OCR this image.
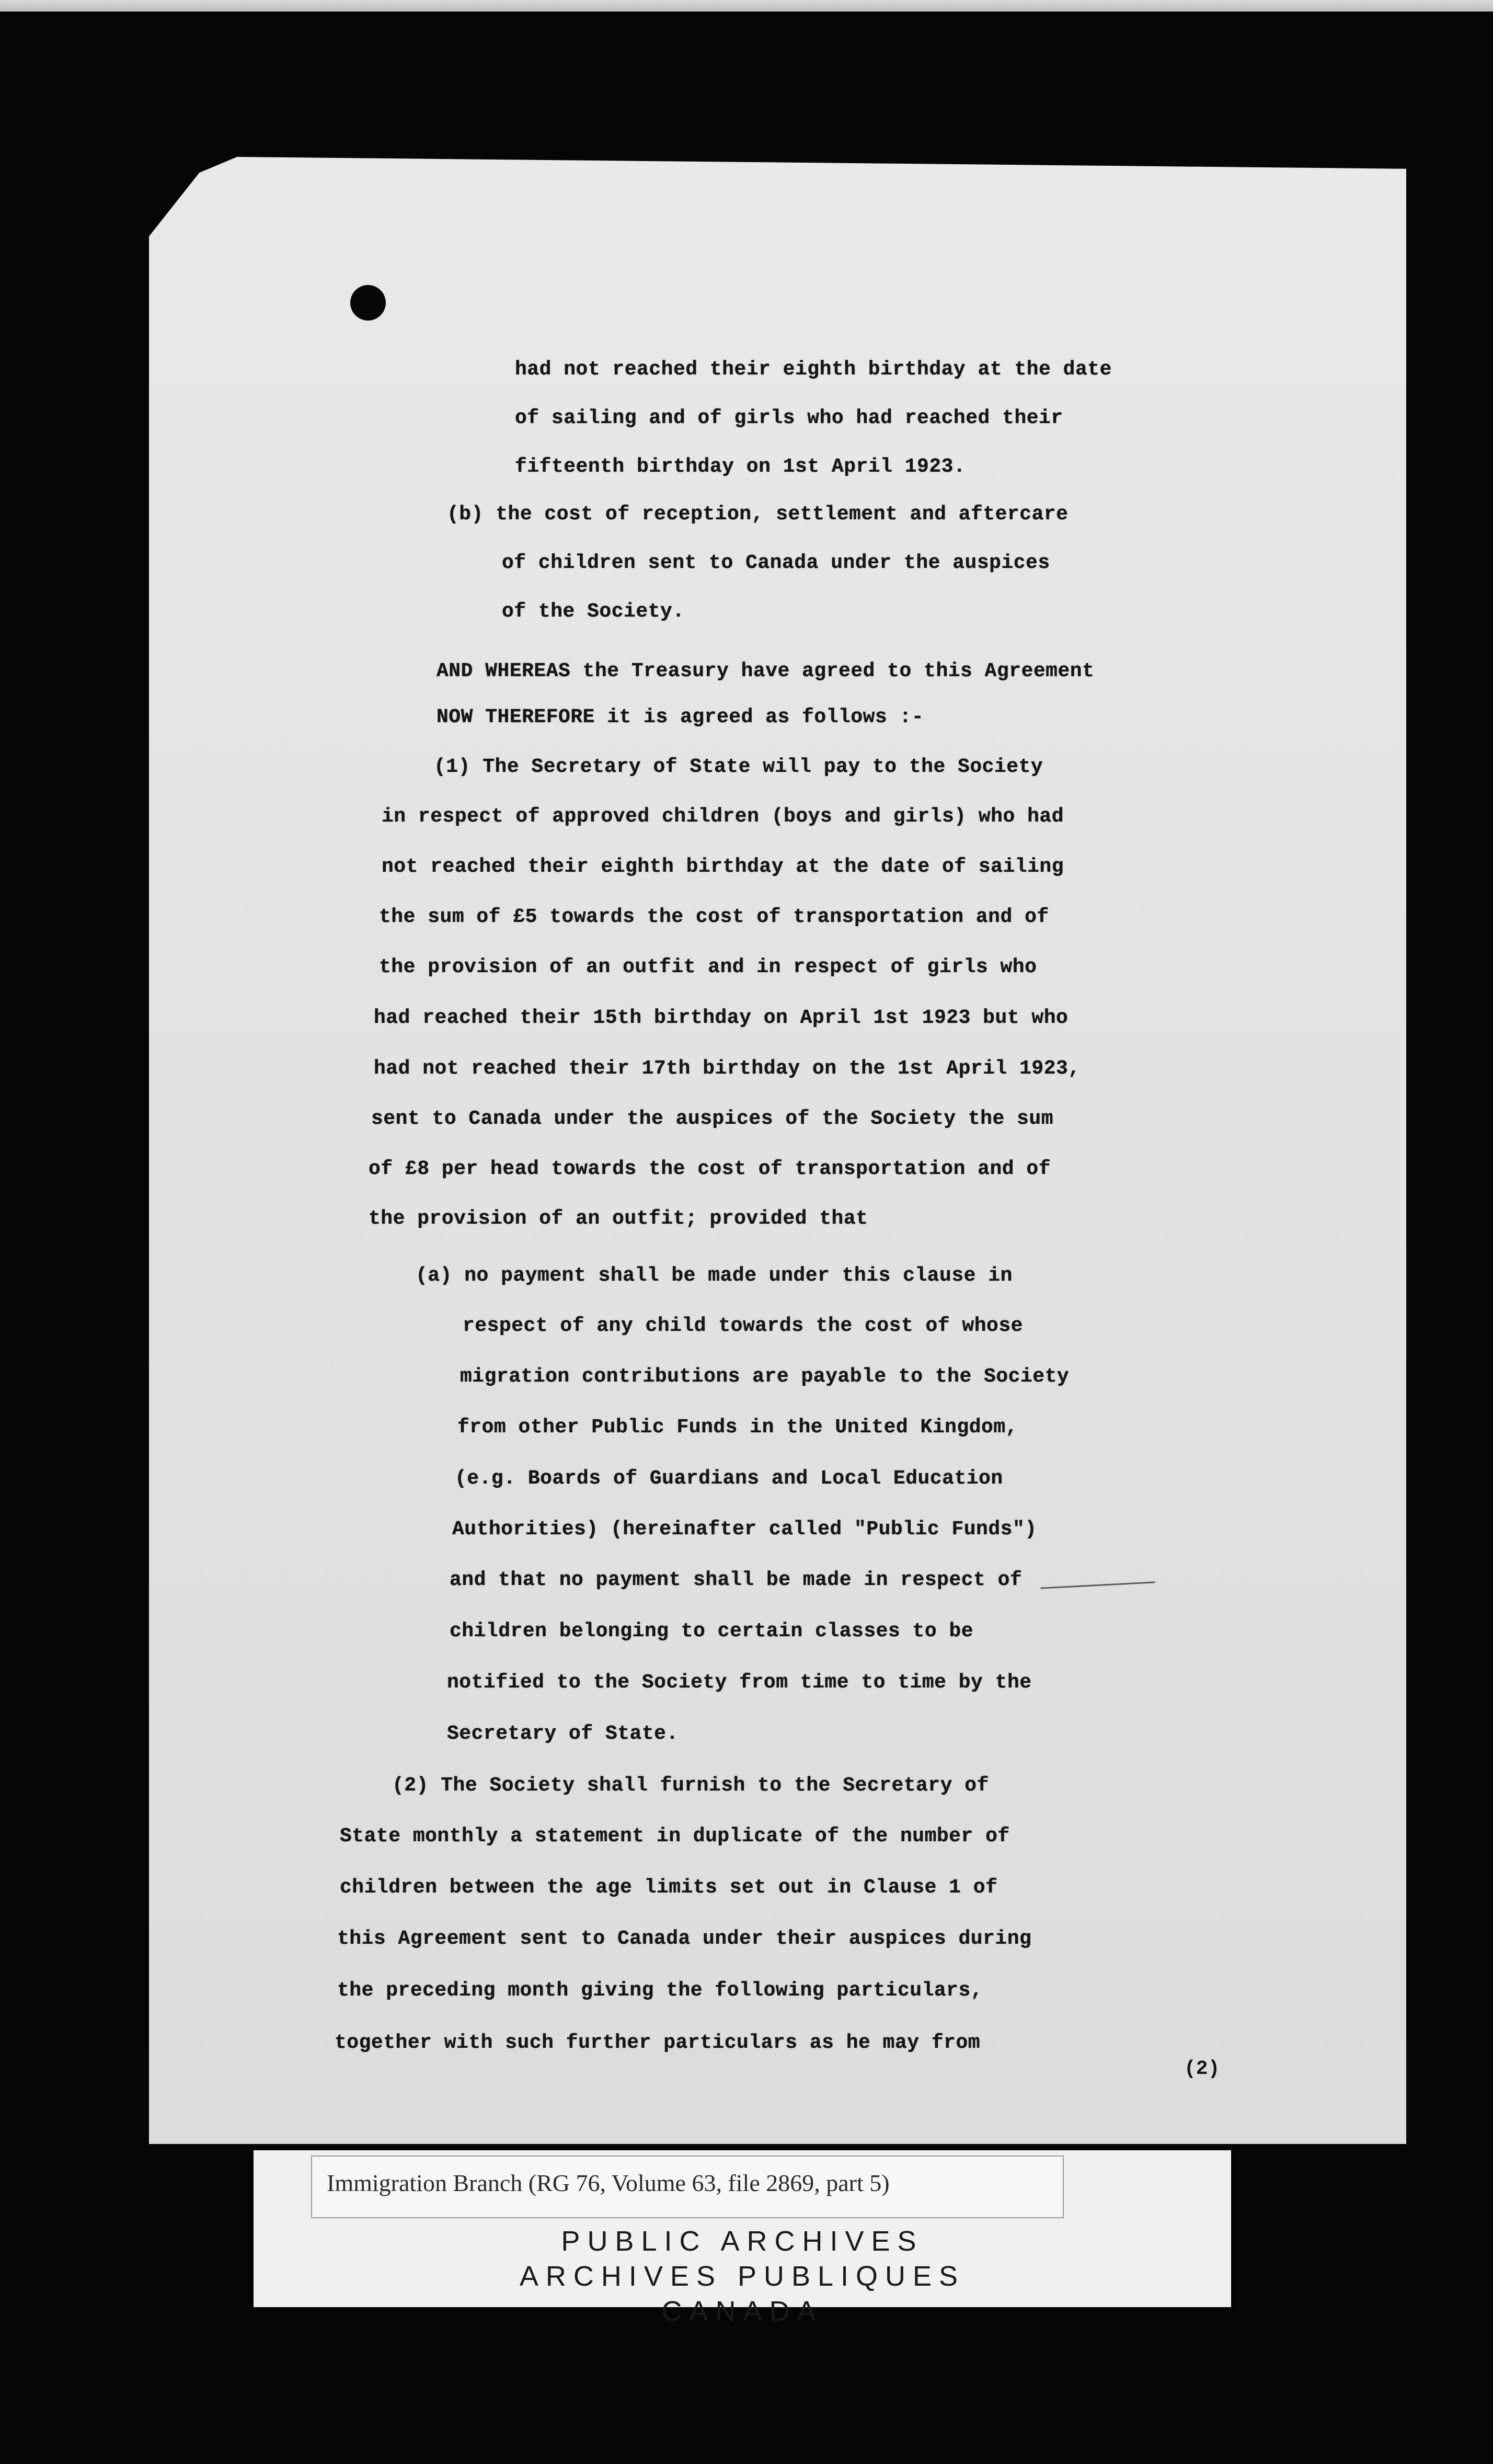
had not reached their eighth birthday at the date

of sailing and of girls who had reached their

fifteenth birthday on 1st April 1923.

(b) the cost of reception, settlement and aftercare

of children sent to Canada under the auspices

of the Society.

AND WHEREAS the Treasury have agreed to this Agreement

NOW THEREFORE it is agreed as follows :-

(1) The Secretary of State will pay to the Society

in respect of approved children (boys and girls) who had

not reached their eighth birthday at the date of sailing

the sum of £5 towards the cost of transportation and of

the provision of an outfit and in respect of girls who

had reached their 15th birthday on April 1st 1923 but who

had not reached their 17th birthday on the 1st April 1923,

sent to Canada under the auspices of the Society the sum

of £8 per head towards the cost of transportation and of

the provision of an outfit; provided that

(a) no payment shall be made under this clause in

respect of any child towards the cost of whose

migration contributions are payable to the Society

from other Public Funds in the United Kingdom,

(e.g. Boards of Guardians and Local Education

Authorities) (hereinafter called "Public Funds")

and that no payment shall be made in respect of

children belonging to certain classes to be

notified to the Society from time to time by the

Secretary of State.

(2) The Society shall furnish to the Secretary of

State monthly a statement in duplicate of the number of

children between the age limits set out in Clause 1 of

this Agreement sent to Canada under their auspices during

the preceding month giving the following particulars,

together with such further particulars as he may from

(2)

Immigration Branch (RG 76, Volume 63, file 2869, part 5)

PUBLIC ARCHIVES

ARCHIVES PUBLIQUES

CANADA
